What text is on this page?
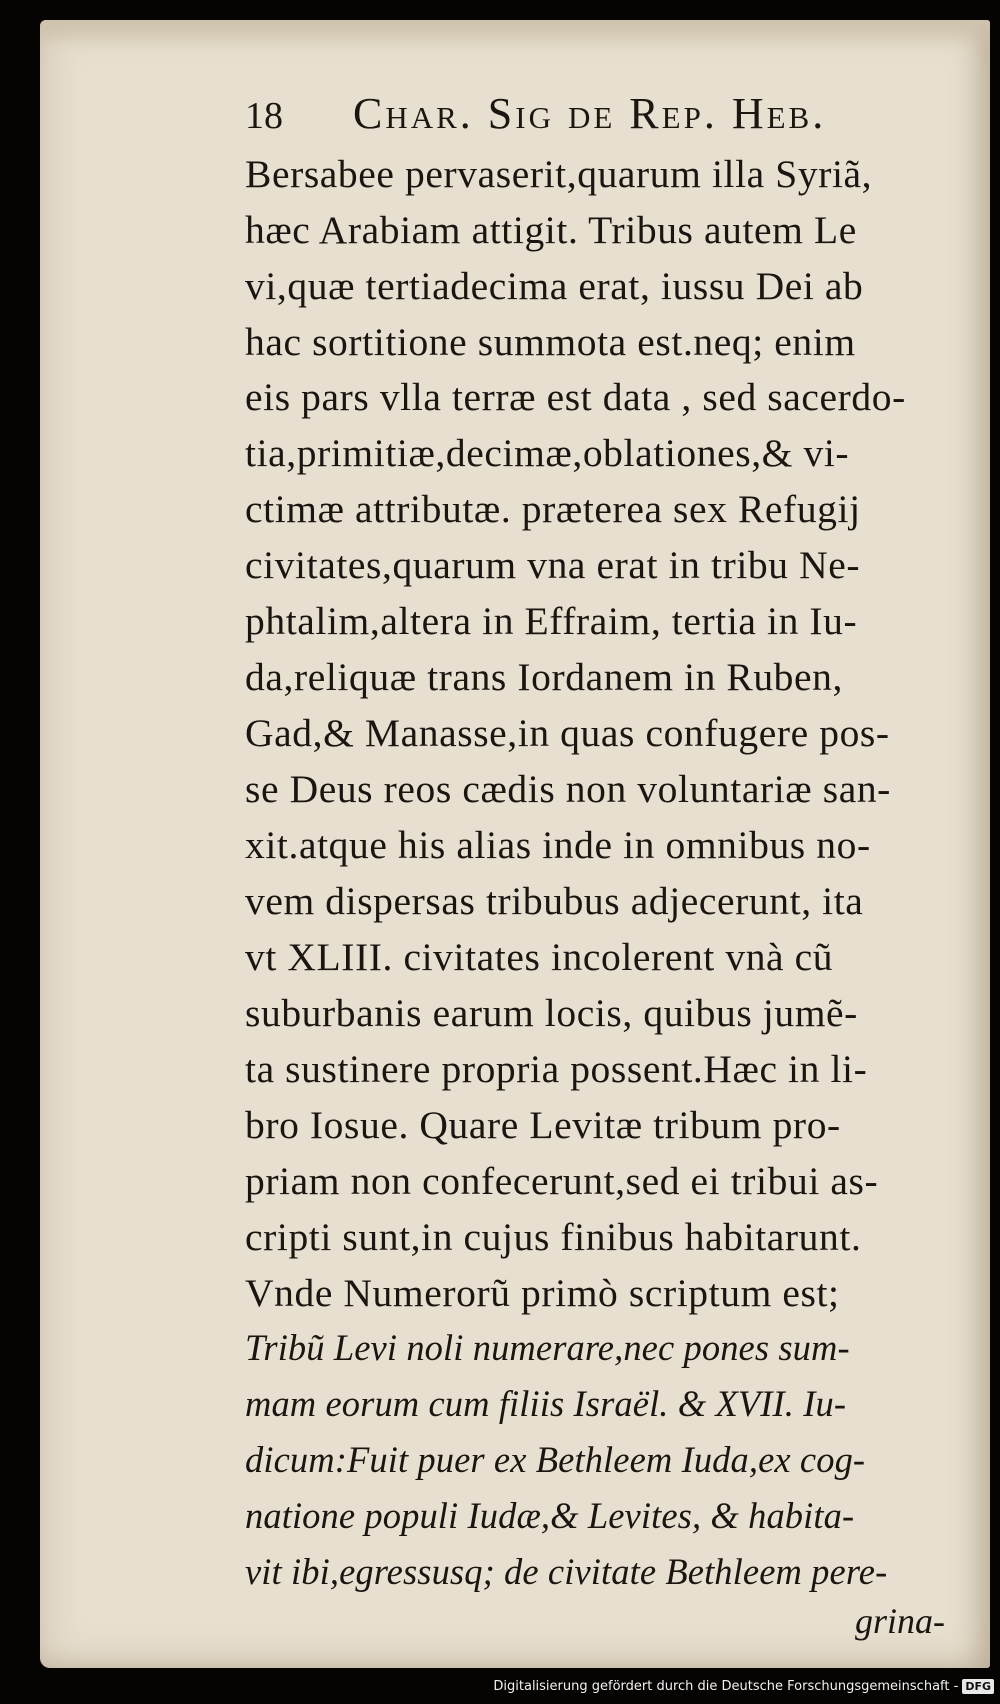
18 Char. Sig de Rep. Heb.
Bersabee pervaserit,quarum illa Syriã,
hæc Arabiam attigit. Tribus autem Le
vi,quæ tertiadecima erat, iussu Dei ab
hac sortitione summota est.neq; enim
eis pars vlla terræ est data , sed sacerdo-
tia,primitiæ,decimæ,oblationes,& vi-
ctimæ attributæ. præterea sex Refugij
civitates,quarum vna erat in tribu Ne-
phtalim,altera in Effraim, tertia in Iu-
da,reliquæ trans Iordanem in Ruben,
Gad,& Manasse,in quas confugere pos-
se Deus reos cædis non voluntariæ san-
xit.atque his alias inde in omnibus no-
vem dispersas tribubus adjecerunt, ita
vt XLIII. civitates incolerent vnà cũ
suburbanis earum locis, quibus jumẽ-
ta sustinere propria possent.Hæc in li-
bro Iosue. Quare Levitæ tribum pro-
priam non confecerunt,sed ei tribui as-
cripti sunt,in cujus finibus habitarunt.
Vnde Numerorũ primò scriptum est;
Tribũ Levi noli numerare,nec pones sum-
mam eorum cum filiis Israël. & XVII. Iu-
dicum:Fuit puer ex Bethleem Iuda,ex cog-
natione populi Iudæ,& Levites, & habita-
vit ibi,egressusq; de civitate Bethleem pere-
grina-
Digitalisierung gefördert durch die Deutsche Forschungsgemeinschaft - DFG
